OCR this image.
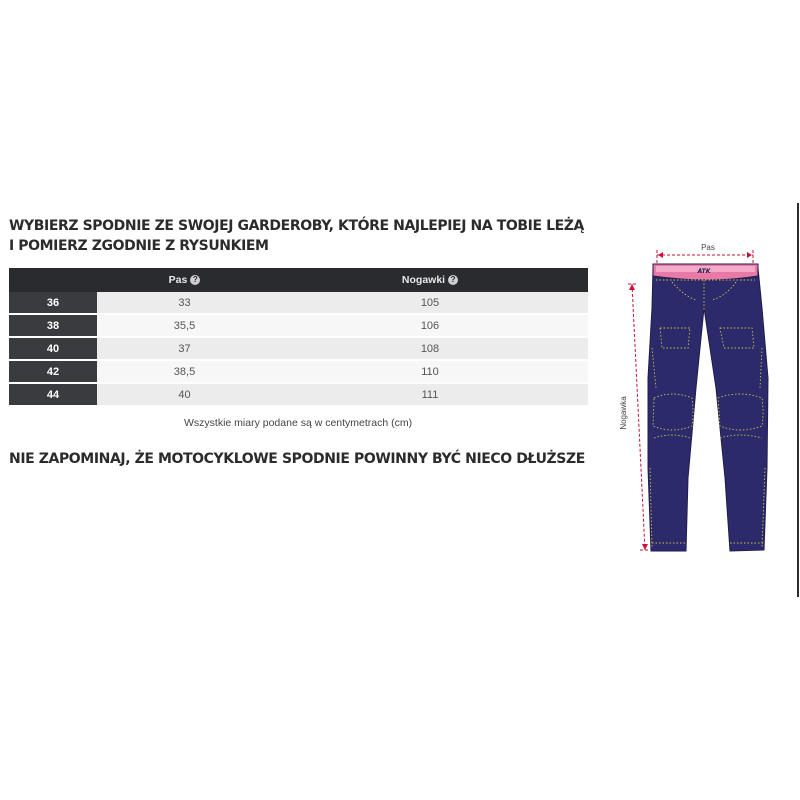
WYBIERZ SPODNIE ZE SWOJEJ GARDEROBY, KTÓRE NAJLEPIEJ NA TOBIE LEŻĄ
I POMIERZ ZGODNIE Z RYSUNKIEM
	Pas ?	Nogawki ?
36	33	105
38	35,5	106
40	37	108
42	38,5	110
44	40	111
Wszystkie miary podane są w centymetrach (cm)
NIE ZAPOMINAJ, ŻE MOTOCYKLOWE SPODNIE POWINNY BYĆ NIECO DŁUŻSZE
Pas
Nogawka
ATK
